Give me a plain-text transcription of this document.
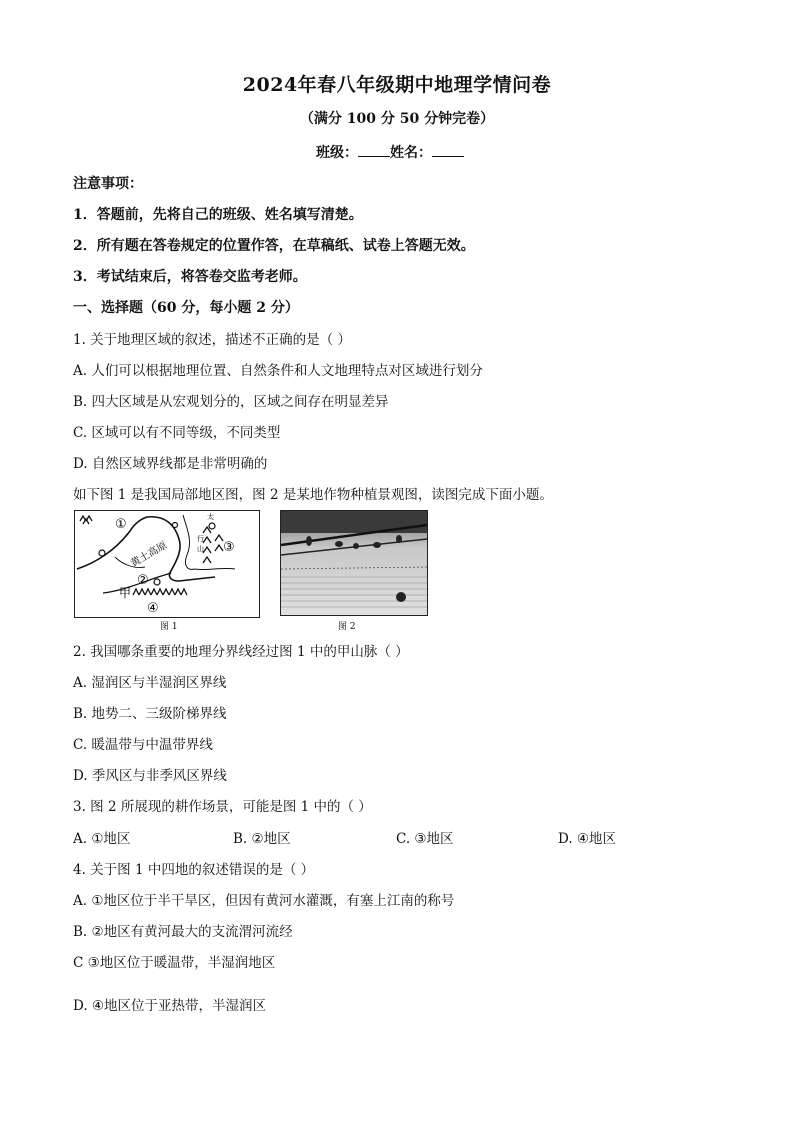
2024年春八年级期中地理学情问卷
（满分 100 分 50 分钟完卷）
班级： 姓名：
注意事项：
1．答题前，先将自己的班级、姓名填写清楚。
2．所有题在答卷规定的位置作答，在草稿纸、试卷上答题无效。
3．考试结束后，将答卷交监考老师。
一、选择题（60 分，每小题 2 分）
1. 关于地理区域的叙述，描述不正确的是（ ）
A. 人们可以根据地理位置、自然条件和人文地理特点对区域进行划分
B. 四大区域是从宏观划分的，区域之间存在明显差异
C. 区域可以有不同等级，不同类型
D. 自然区域界线都是非常明确的
如下图 1 是我国局部地区图，图 2 是某地作物种植景观图，读图完成下面小题。
①
②
③
④
黄土高原
甲
太
行
山
图 1	图 2
2. 我国哪条重要的地理分界线经过图 1 中的甲山脉（ ）
A. 湿润区与半湿润区界线
B. 地势二、三级阶梯界线
C. 暖温带与中温带界线
D. 季风区与非季风区界线
3. 图 2 所展现的耕作场景，可能是图 1 中的（ ）
A. ①地区	B. ②地区	C. ③地区	D. ④地区
4. 关于图 1 中四地的叙述错误的是（ ）
A. ①地区位于半干旱区，但因有黄河水灌溉，有塞上江南的称号
B. ②地区有黄河最大的支流渭河流经
C ③地区位于暖温带，半湿润地区
D. ④地区位于亚热带，半湿润区
